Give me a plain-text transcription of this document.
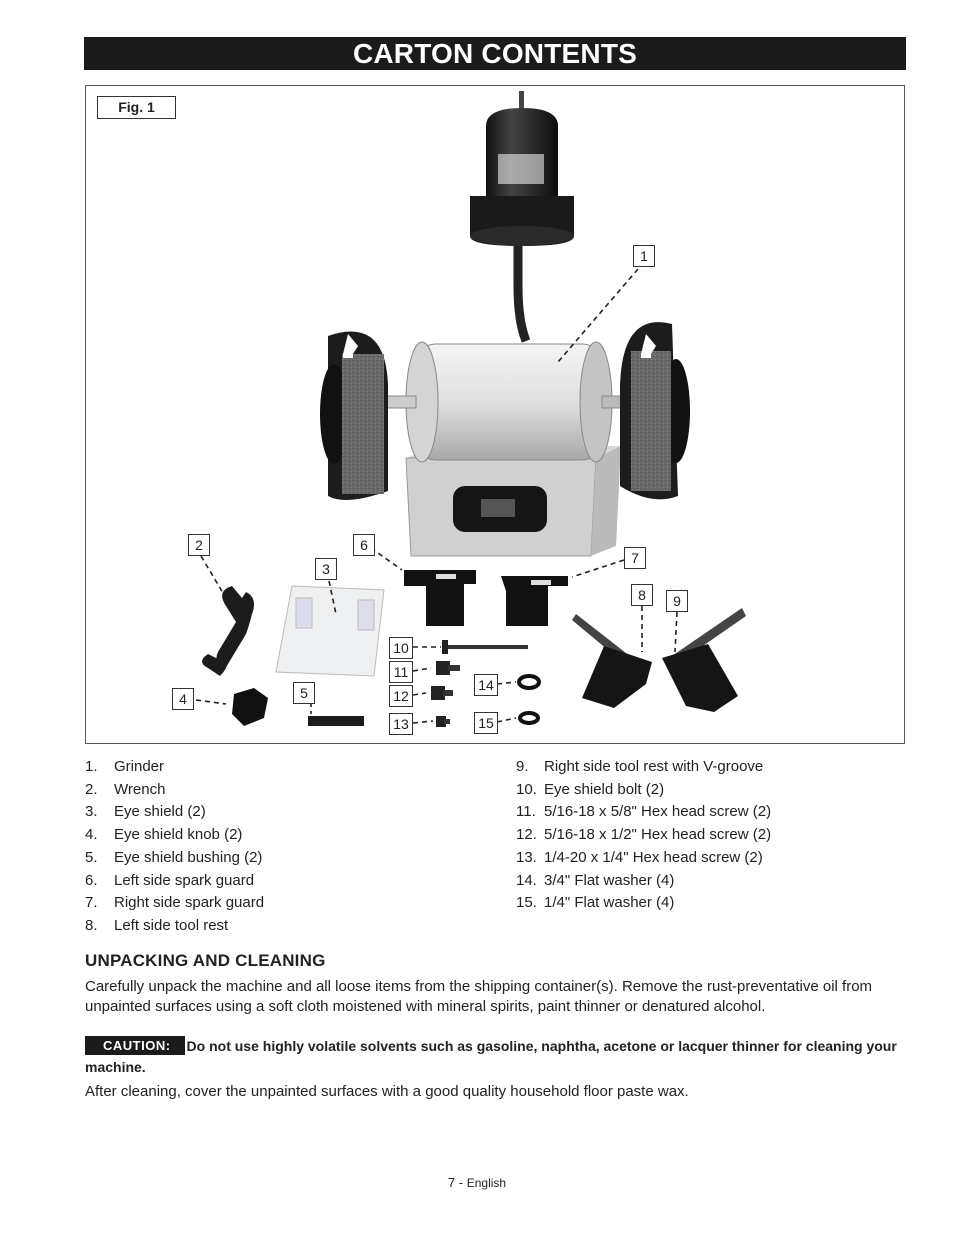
CARTON CONTENTS
Fig. 1
1
2
3
4	5
6
7
8	9
10
11
12
13
14
15
1.	Grinder
2.	Wrench
3.	Eye shield (2)
4.	Eye shield knob (2)
5.	Eye shield bushing (2)
6.	Left side spark guard
7.	Right side spark guard
8.	Left side tool rest
9.	Right side tool rest with V-groove
10. Eye shield bolt (2)
11. 5/16-18 x 5/8" Hex head screw (2)
12. 5/16-18 x 1/2" Hex head screw (2)
13. 1/4-20 x 1/4" Hex head screw (2)
14. 3/4" Flat washer (4)
15. 1/4" Flat washer (4)
UNPACKING AND CLEANING
Carefully unpack the machine and all loose items from the shipping container(s). Remove the rust-preventative oil from unpainted surfaces using a soft cloth moistened with mineral spirits, paint thinner or denatured alcohol.
CAUTION: Do not use highly volatile solvents such as gasoline, naphtha, acetone or lacquer thinner for cleaning your machine.
After cleaning, cover the unpainted surfaces with a good quality household floor paste wax.
7 - English
